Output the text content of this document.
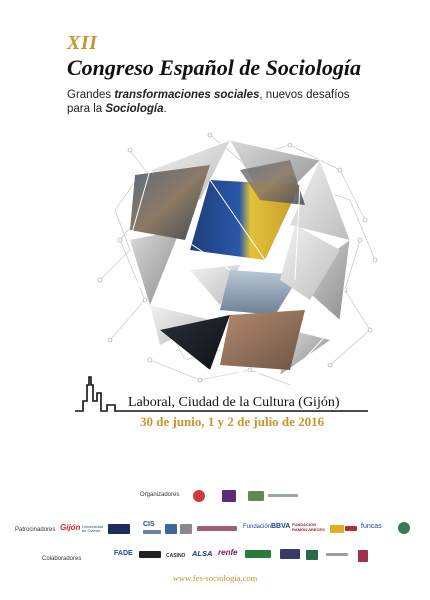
XII
Congreso Español de Sociología
Grandes transformaciones sociales, nuevos desafíos
para la Sociología.
Laboral, Ciudad de la Cultura (Gijón)
30 de junio, 1 y 2 de julio de 2016
Organizadores
Patrocinadores Gijón Universidad de Oviedo
CIS	Fundación BBVA FUNDACIÓN RAMÓN ARECES	funcas
Colaboradores
FADE	CASINO ALSA renfe
www.fes-sociologia.com
